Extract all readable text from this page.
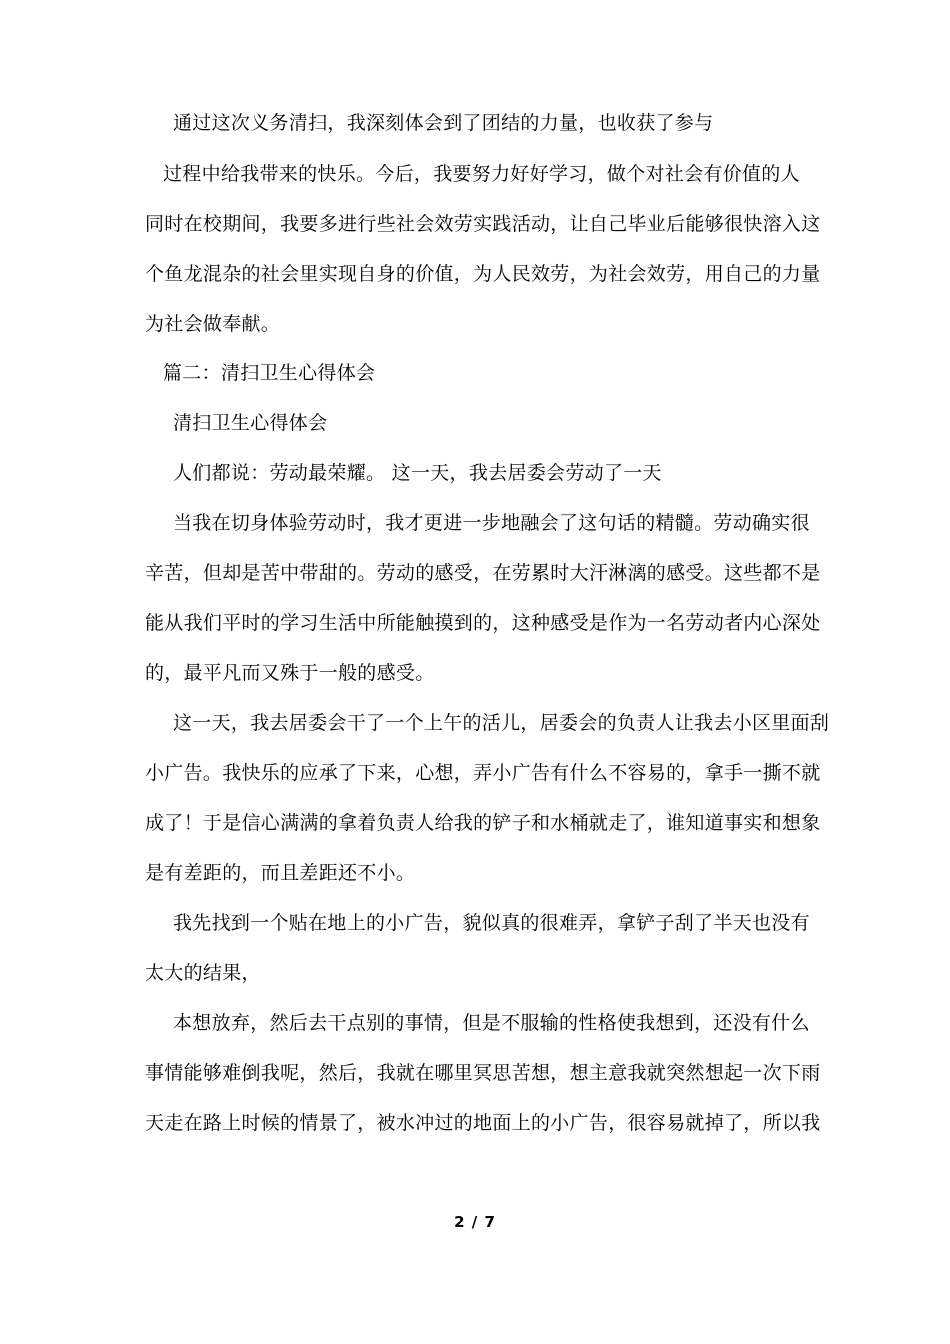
通过这次义务清扫，我深刻体会到了团结的力量，也收获了参与
过程中给我带来的快乐。今后，我要努力好好学习，做个对社会有价值的人
同时在校期间，我要多进行些社会效劳实践活动，让自己毕业后能够很快溶入这
个鱼龙混杂的社会里实现自身的价值，为人民效劳，为社会效劳，用自己的力量
为社会做奉献。
篇二：清扫卫生心得体会
清扫卫生心得体会
人们都说：劳动最荣耀。 这一天，我去居委会劳动了一天
当我在切身体验劳动时，我才更进一步地融会了这句话的精髓。劳动确实很
辛苦，但却是苦中带甜的。劳动的感受，在劳累时大汗淋漓的感受。这些都不是
能从我们平时的学习生活中所能触摸到的，这种感受是作为一名劳动者内心深处
的，最平凡而又殊于一般的感受。
这一天，我去居委会干了一个上午的活儿，居委会的负责人让我去小区里面刮
小广告。我快乐的应承了下来，心想，弄小广告有什么不容易的，拿手一撕不就
成了！于是信心满满的拿着负责人给我的铲子和水桶就走了，谁知道事实和想象
是有差距的，而且差距还不小。
我先找到一个贴在地上的小广告，貌似真的很难弄，拿铲子刮了半天也没有
太大的结果，
本想放弃，然后去干点别的事情，但是不服输的性格使我想到，还没有什么
事情能够难倒我呢，然后，我就在哪里冥思苦想，想主意我就突然想起一次下雨
天走在路上时候的情景了，被水冲过的地面上的小广告，很容易就掉了，所以我
2 / 7
